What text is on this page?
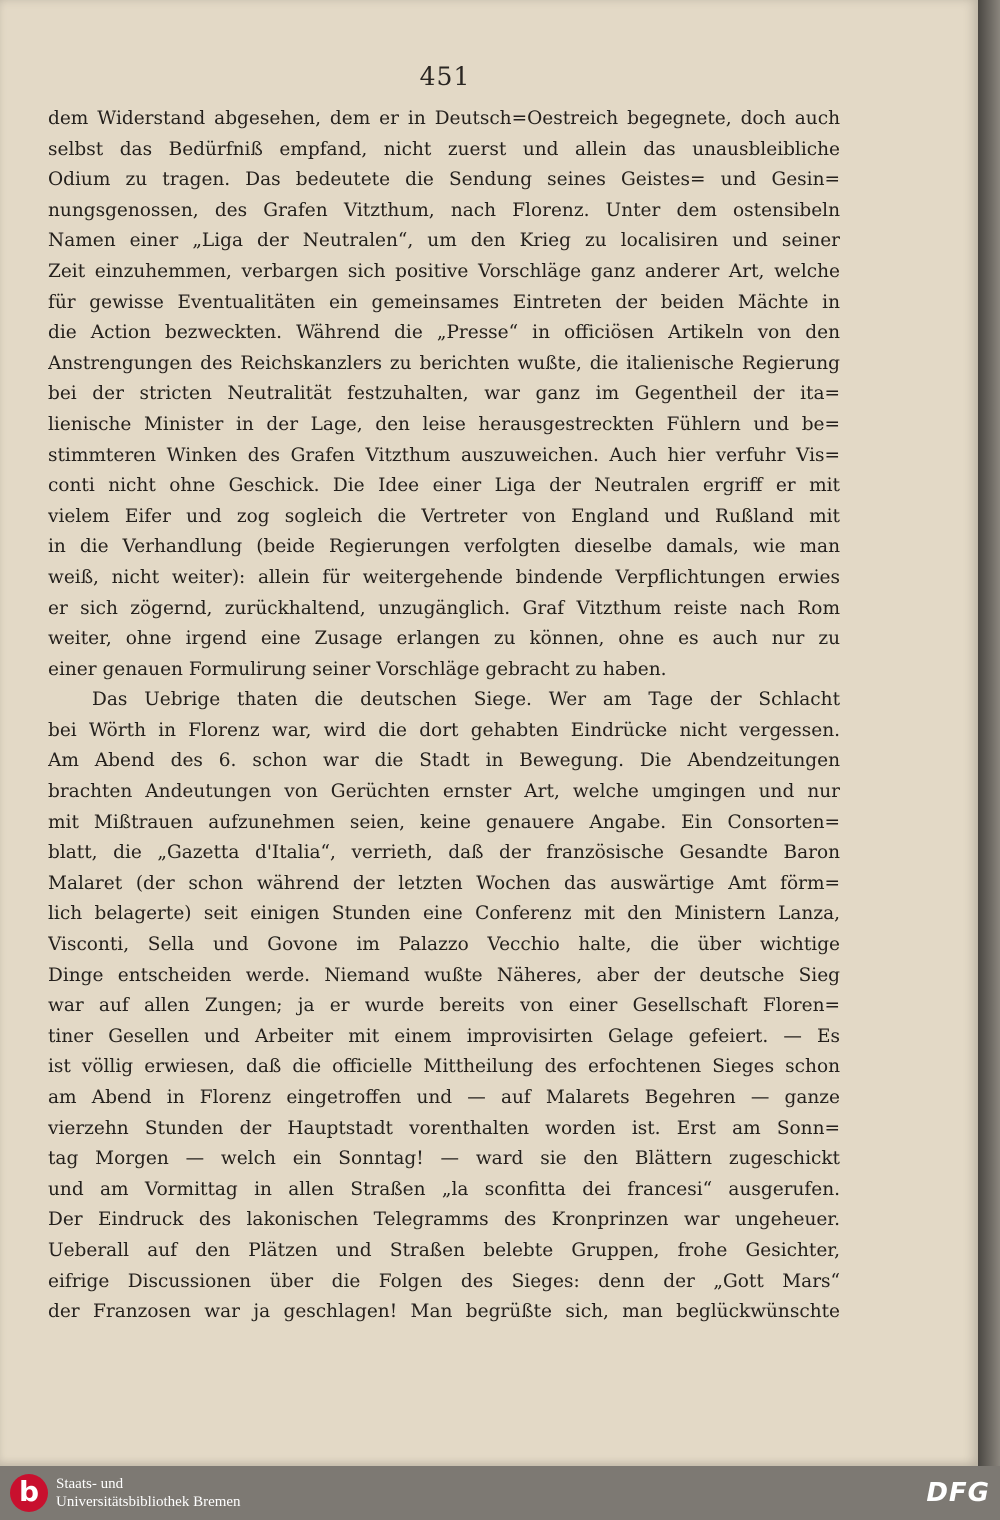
451
dem Widerstand abgesehen, dem er in Deutsch=Oestreich begegnete, doch auch
selbst das Bedürfniß empfand, nicht zuerst und allein das unausbleibliche
Odium zu tragen. Das bedeutete die Sendung seines Geistes= und Gesin=
nungsgenossen, des Grafen Vitzthum, nach Florenz. Unter dem ostensibeln
Namen einer „Liga der Neutralen“, um den Krieg zu localisiren und seiner
Zeit einzuhemmen, verbargen sich positive Vorschläge ganz anderer Art, welche
für gewisse Eventualitäten ein gemeinsames Eintreten der beiden Mächte in
die Action bezweckten. Während die „Presse“ in officiösen Artikeln von den
Anstrengungen des Reichskanzlers zu berichten wußte, die italienische Regierung
bei der stricten Neutralität festzuhalten, war ganz im Gegentheil der ita=
lienische Minister in der Lage, den leise herausgestreckten Fühlern und be=
stimmteren Winken des Grafen Vitzthum auszuweichen. Auch hier verfuhr Vis=
conti nicht ohne Geschick. Die Idee einer Liga der Neutralen ergriff er mit
vielem Eifer und zog sogleich die Vertreter von England und Rußland mit
in die Verhandlung (beide Regierungen verfolgten dieselbe damals, wie man
weiß, nicht weiter): allein für weitergehende bindende Verpflichtungen erwies
er sich zögernd, zurückhaltend, unzugänglich. Graf Vitzthum reiste nach Rom
weiter, ohne irgend eine Zusage erlangen zu können, ohne es auch nur zu
einer genauen Formulirung seiner Vorschläge gebracht zu haben.
Das Uebrige thaten die deutschen Siege. Wer am Tage der Schlacht
bei Wörth in Florenz war, wird die dort gehabten Eindrücke nicht vergessen.
Am Abend des 6. schon war die Stadt in Bewegung. Die Abendzeitungen
brachten Andeutungen von Gerüchten ernster Art, welche umgingen und nur
mit Mißtrauen aufzunehmen seien, keine genauere Angabe. Ein Consorten=
blatt, die „Gazetta d'Italia“, verrieth, daß der französische Gesandte Baron
Malaret (der schon während der letzten Wochen das auswärtige Amt förm=
lich belagerte) seit einigen Stunden eine Conferenz mit den Ministern Lanza,
Visconti, Sella und Govone im Palazzo Vecchio halte, die über wichtige
Dinge entscheiden werde. Niemand wußte Näheres, aber der deutsche Sieg
war auf allen Zungen; ja er wurde bereits von einer Gesellschaft Floren=
tiner Gesellen und Arbeiter mit einem improvisirten Gelage gefeiert. — Es
ist völlig erwiesen, daß die officielle Mittheilung des erfochtenen Sieges schon
am Abend in Florenz eingetroffen und — auf Malarets Begehren — ganze
vierzehn Stunden der Hauptstadt vorenthalten worden ist. Erst am Sonn=
tag Morgen — welch ein Sonntag! — ward sie den Blättern zugeschickt
und am Vormittag in allen Straßen „la sconfitta dei francesi“ ausgerufen.
Der Eindruck des lakonischen Telegramms des Kronprinzen war ungeheuer.
Ueberall auf den Plätzen und Straßen belebte Gruppen, frohe Gesichter,
eifrige Discussionen über die Folgen des Sieges: denn der „Gott Mars“
der Franzosen war ja geschlagen! Man begrüßte sich, man beglückwünschte
b	Staats- und
Universitätsbibliothek Bremen	DFG
